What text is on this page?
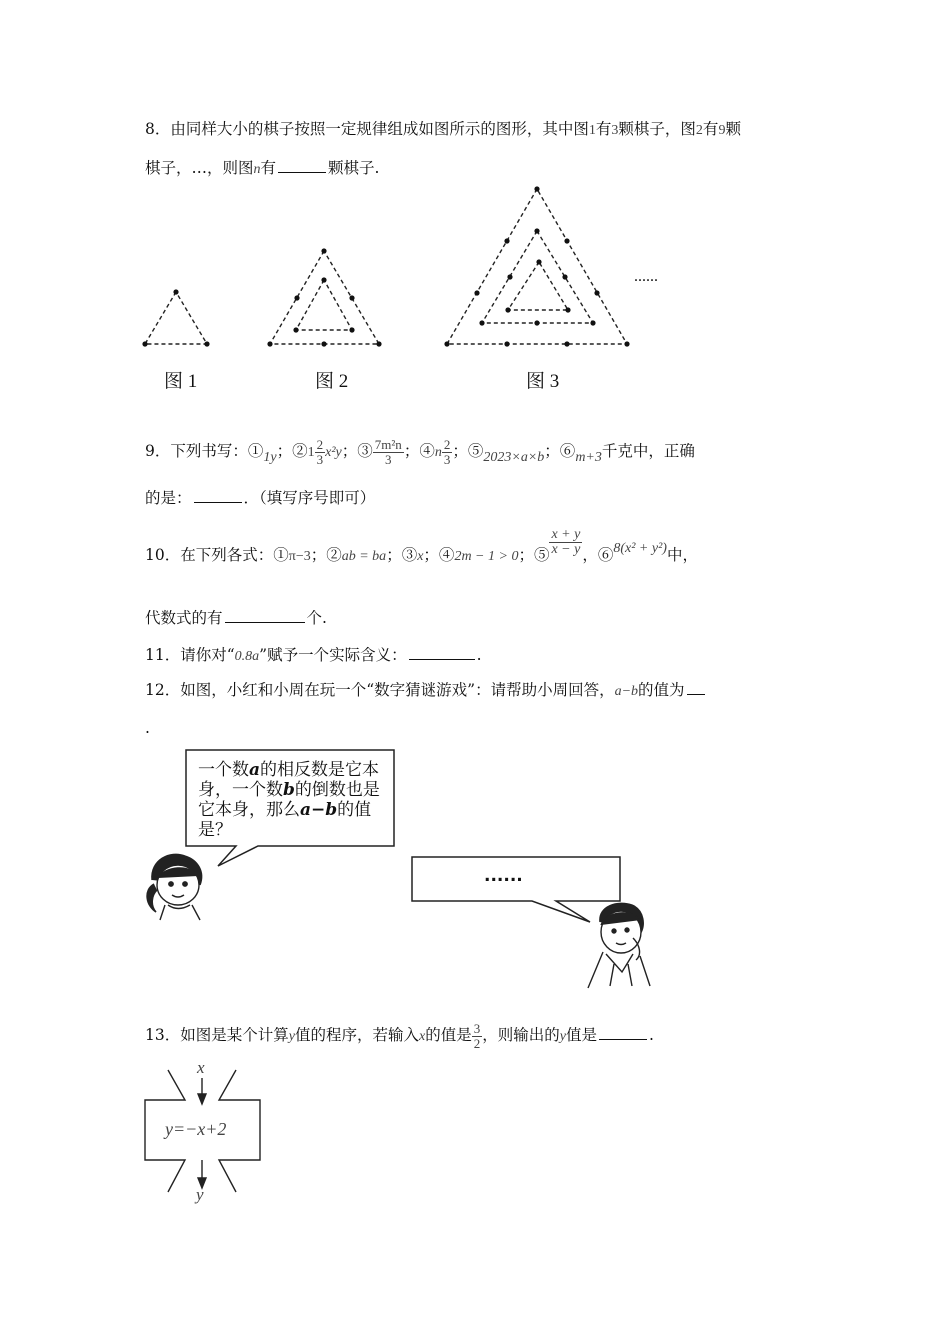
8．由同样大小的棋子按照一定规律组成如图所示的图形，其中图1有3颗棋子，图2有9颗
棋子，…，则图n有	颗棋子.
图 1	图 2	图 3
......
9．下列书写：①1y；②1 $\frac{2}{3} x^2y$；③ $\frac{\text{7m²n}}{3}$ ；④n $\frac{2}{3}$ ；⑤2023×a×b；⑥m+3千克中，正确
的是：	．（填写序号即可）
10．在下列各式：①π−3；②ab = ba；③x；④2m − 1 > 0；⑤ $\frac{x + y}{x - y}$ ，⑥8(x² + y²)中，
代数式的有	个.
11．请你对“0.8a”赋予一个实际含义：	.
12．如图，小红和小周在玩一个“数字猜谜游戏”：请帮助小周回答，a−b的值为
.
一个数a的相反数是它本
身，一个数b的倒数也是
它本身，那么a−b的值
是？
......
13．如图是某个计算y值的程序，若输入x的值是 $\frac{3}{2}$ ，则输出的y值是	.
x
y=−x+2
y
